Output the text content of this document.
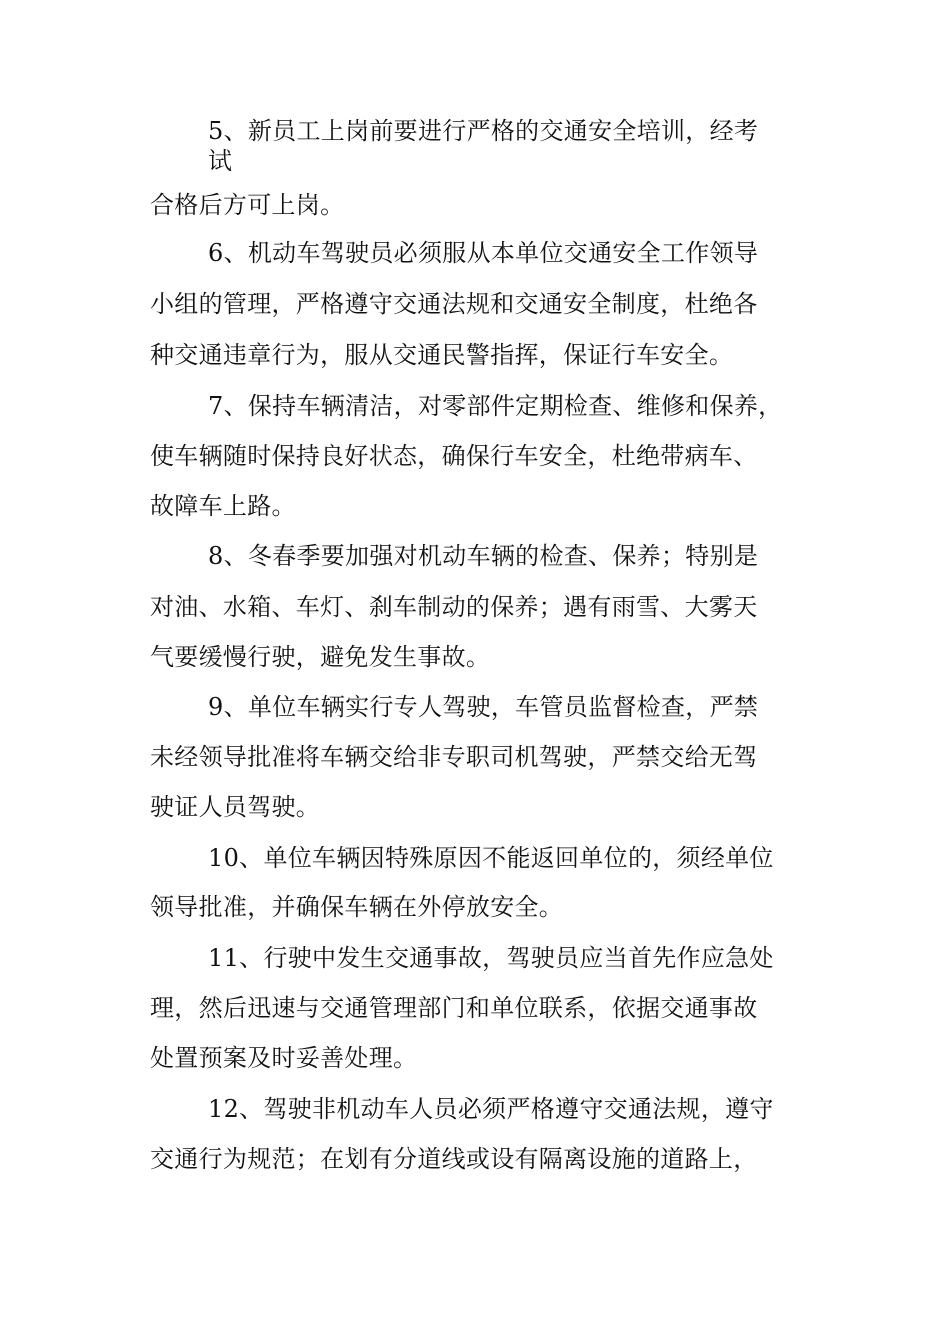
5、新员工上岗前要进行严格的交通安全培训，经考
试
合格后方可上岗。
6、机动车驾驶员必须服从本单位交通安全工作领导
小组的管理，严格遵守交通法规和交通安全制度，杜绝各
种交通违章行为，服从交通民警指挥，保证行车安全。
7、保持车辆清洁，对零部件定期检查、维修和保养，
使车辆随时保持良好状态，确保行车安全，杜绝带病车、
故障车上路。
8、冬春季要加强对机动车辆的检查、保养；特别是
对油、水箱、车灯、刹车制动的保养；遇有雨雪、大雾天
气要缓慢行驶，避免发生事故。
9、单位车辆实行专人驾驶，车管员监督检查，严禁
未经领导批准将车辆交给非专职司机驾驶，严禁交给无驾
驶证人员驾驶。
10、单位车辆因特殊原因不能返回单位的，须经单位
领导批准，并确保车辆在外停放安全。
11、行驶中发生交通事故，驾驶员应当首先作应急处
理，然后迅速与交通管理部门和单位联系，依据交通事故
处置预案及时妥善处理。
12、驾驶非机动车人员必须严格遵守交通法规，遵守
交通行为规范；在划有分道线或设有隔离设施的道路上，
